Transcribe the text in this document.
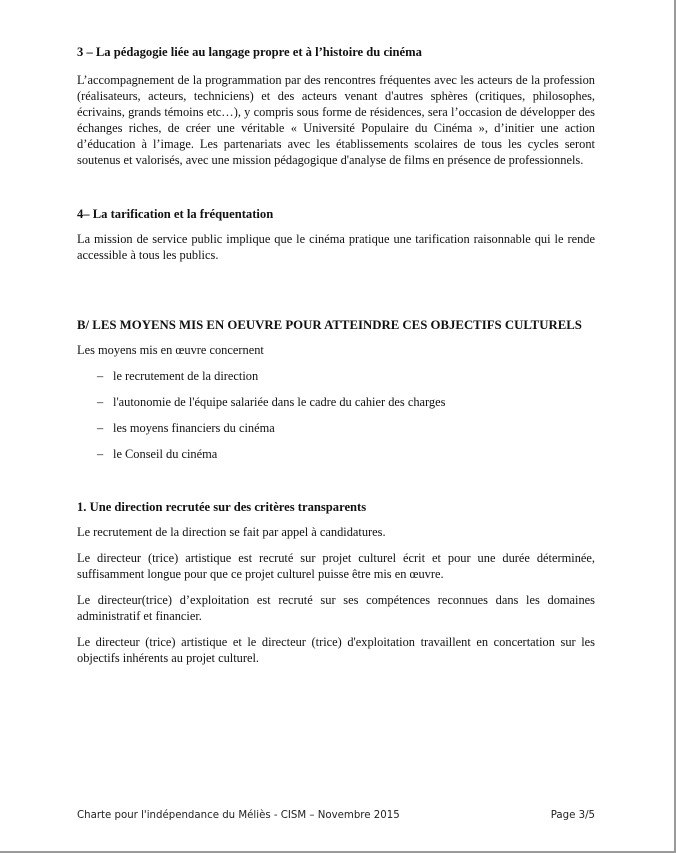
3 – La pédagogie liée au langage propre et à l’histoire du cinéma

L’accompagnement de la programmation par des rencontres fréquentes avec les acteurs de la profession (réalisateurs, acteurs, techniciens) et des acteurs venant d'autres sphères (critiques, philosophes, écrivains, grands témoins etc…), y compris sous forme de résidences, sera l’occasion de développer des échanges riches, de créer une véritable « Université Populaire du Cinéma », d’initier une action d’éducation à l’image. Les partenariats avec les établissements scolaires de tous les cycles seront soutenus et valorisés, avec une mission pédagogique d'analyse de films en présence de professionnels.

4– La tarification et la fréquentation

La mission de service public implique que le cinéma pratique une tarification raisonnable qui le rende accessible à tous les publics.

B/ LES MOYENS MIS EN OEUVRE POUR ATTEINDRE CES OBJECTIFS CULTURELS

Les moyens mis en œuvre concernent

– le recrutement de la direction
– l'autonomie de l'équipe salariée dans le cadre du cahier des charges
– les moyens financiers du cinéma
– le Conseil du cinéma
1. Une direction recrutée sur des critères transparents

Le recrutement de la direction se fait par appel à candidatures.

Le directeur (trice) artistique est recruté sur projet culturel écrit et pour une durée déterminée, suffisamment longue pour que ce projet culturel puisse être mis en œuvre.

Le directeur(trice) d’exploitation est recruté sur ses compétences reconnues dans les domaines administratif et financier.

Le directeur (trice) artistique et le directeur (trice) d'exploitation travaillent en concertation sur les objectifs inhérents au projet culturel.

Charte pour l'indépendance du Méliès - CISM – Novembre 2015	Page 3/5
